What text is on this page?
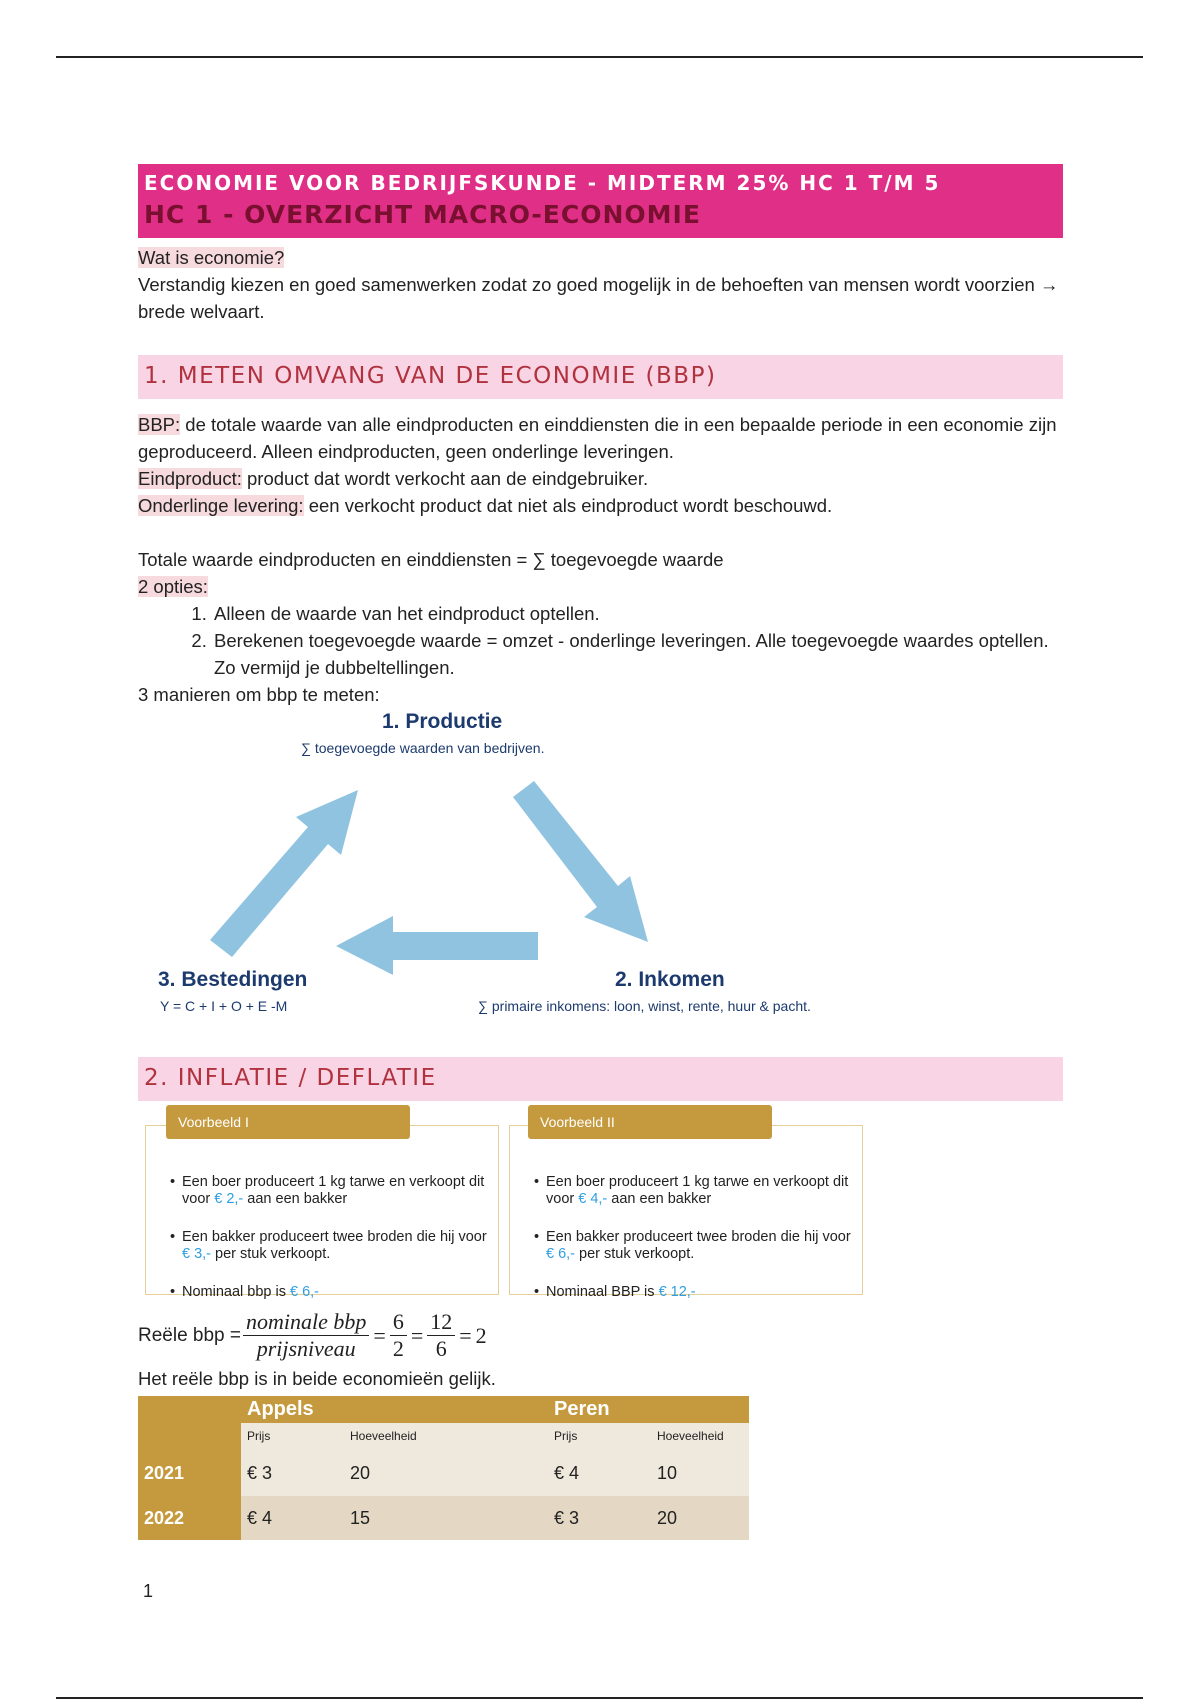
ECONOMIE VOOR BEDRIJFSKUNDE - MIDTERM 25% HC 1 T/M 5
HC 1 - OVERZICHT MACRO-ECONOMIE

Wat is economie?

Verstandig kiezen en goed samenwerken zodat zo goed mogelijk in de behoeften van mensen wordt voorzien → brede welvaart.

1. METEN OMVANG VAN DE ECONOMIE (BBP)

BBP: de totale waarde van alle eindproducten en einddiensten die in een bepaalde periode in een economie zijn geproduceerd. Alleen eindproducten, geen onderlinge leveringen.

Eindproduct: product dat wordt verkocht aan de eindgebruiker.

Onderlinge levering: een verkocht product dat niet als eindproduct wordt beschouwd.

Totale waarde eindproducten en einddiensten = ∑ toegevoegde waarde

2 opties:

1. Alleen de waarde van het eindproduct optellen.
2. Berekenen toegevoegde waarde = omzet - onderlinge leveringen. Alle toegevoegde waardes optellen. Zo vermijd je dubbeltellingen.

3 manieren om bbp te meten:

1. Productie
∑ toegevoegde waarden van bedrijven.
2. Inkomen
∑ primaire inkomens: loon, winst, rente, huur & pacht.
3. Bestedingen
Y = C + I + O + E -M
2. INFLATIE / DEFLATIE
• Een boer produceert 1 kg tarwe en verkoopt dit voor € 2,- aan een bakker
• Een bakker produceert twee broden die hij voor € 3,- per stuk verkoopt.
• Nominaal bbp is € 6,-
Voorbeeld I
• Een boer produceert 1 kg tarwe en verkoopt dit voor € 4,- aan een bakker
• Een bakker produceert twee broden die hij voor € 6,- per stuk verkoopt.
• Nominaal BBP is € 12,-
Voorbeeld II
Reële bbp = $\frac{\text{nominale bbp}}{\text{prijsniveau}} = \frac{6}{2} = \frac{12}{6} = 2$

Het reële bbp is in beide economieën gelijk.

	Appels			Peren	
	Prijs	Hoeveelheid		Prijs	Hoeveelheid
2021	€ 3	20		€ 4	10
2022	€ 4	15		€ 3	20
1
